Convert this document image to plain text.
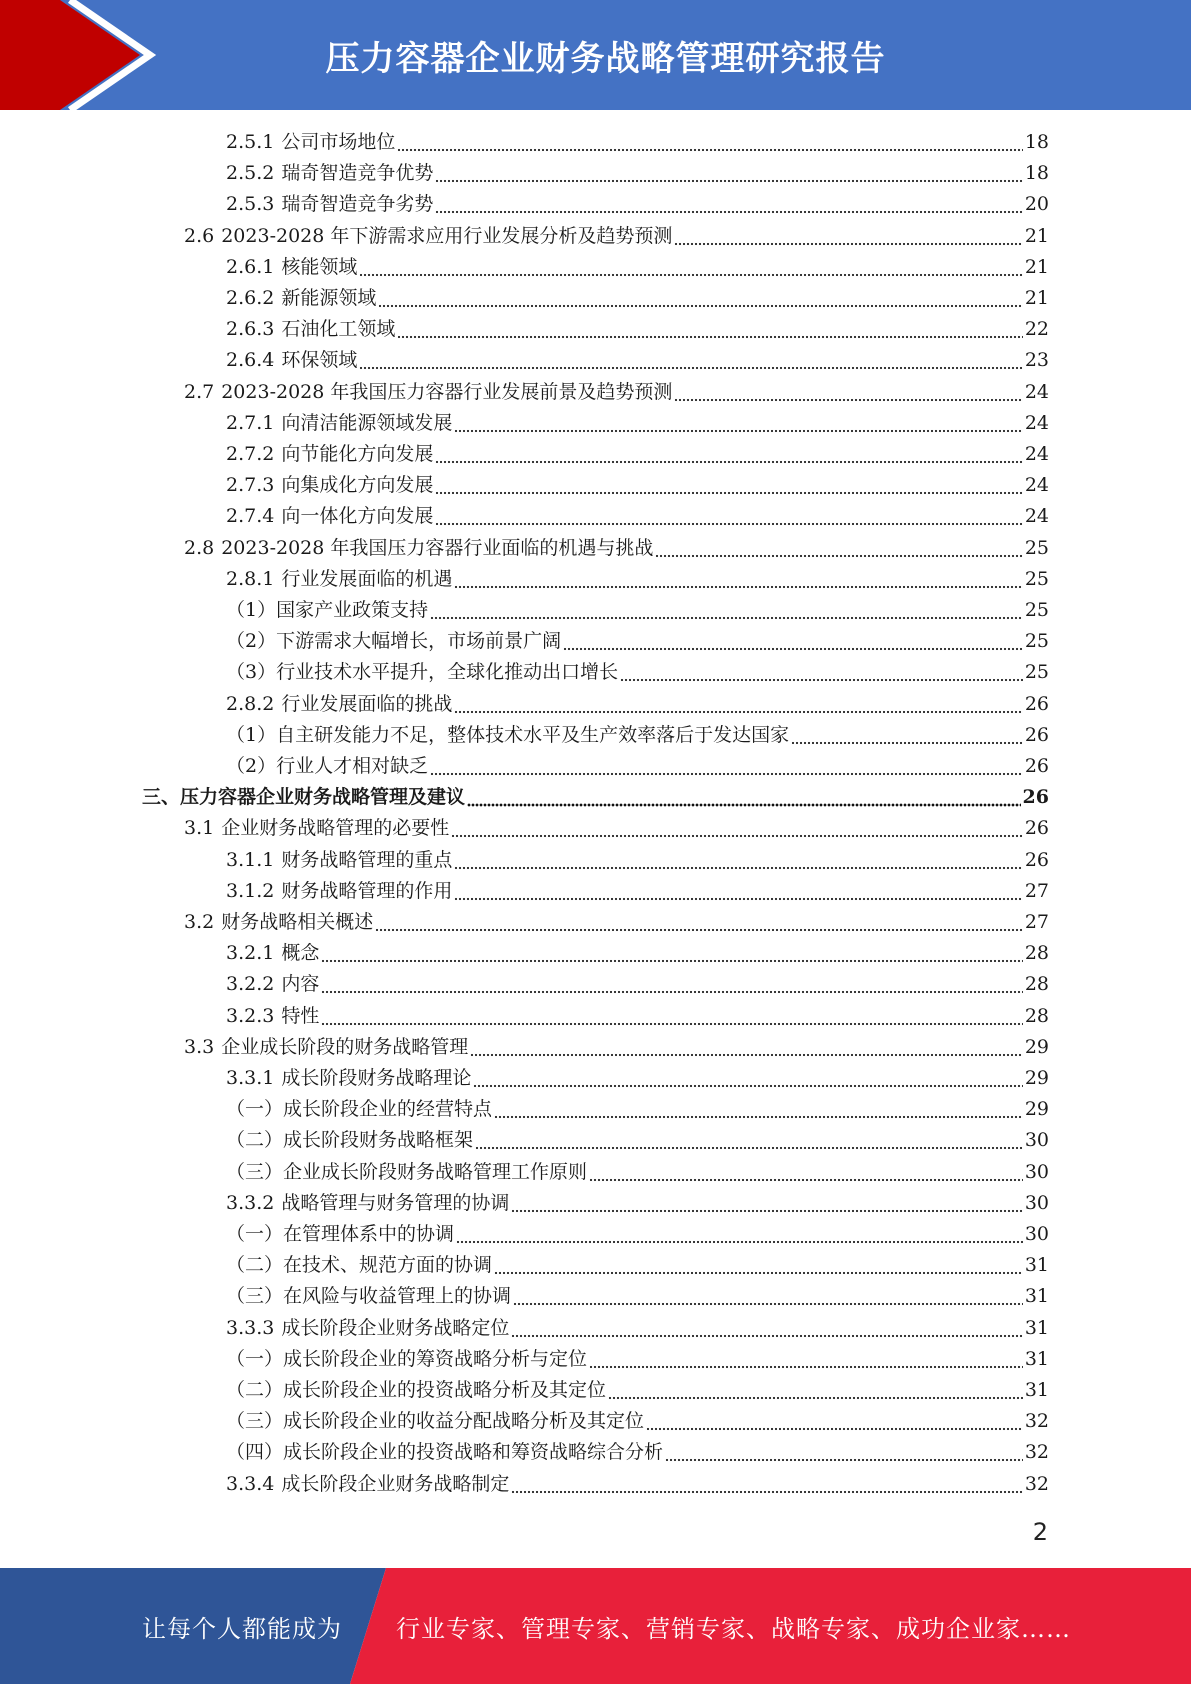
压力容器企业财务战略管理研究报告
2.5.1 公司市场地位	18
2.5.2 瑞奇智造竞争优势	18
2.5.3 瑞奇智造竞争劣势	20
2.6 2023-2028 年下游需求应用行业发展分析及趋势预测	21
2.6.1 核能领域	21
2.6.2 新能源领域	21
2.6.3 石油化工领域	22
2.6.4 环保领域	23
2.7 2023-2028 年我国压力容器行业发展前景及趋势预测	24
2.7.1 向清洁能源领域发展	24
2.7.2 向节能化方向发展	24
2.7.3 向集成化方向发展	24
2.7.4 向一体化方向发展	24
2.8 2023-2028 年我国压力容器行业面临的机遇与挑战	25
2.8.1 行业发展面临的机遇	25
（1）国家产业政策支持	25
（2）下游需求大幅增长，市场前景广阔	25
（3）行业技术水平提升，全球化推动出口增长	25
2.8.2 行业发展面临的挑战	26
（1）自主研发能力不足，整体技术水平及生产效率落后于发达国家	26
（2）行业人才相对缺乏	26
三、压力容器企业财务战略管理及建议	26
3.1 企业财务战略管理的必要性	26
3.1.1 财务战略管理的重点	26
3.1.2 财务战略管理的作用	27
3.2 财务战略相关概述	27
3.2.1 概念	28
3.2.2 内容	28
3.2.3 特性	28
3.3 企业成长阶段的财务战略管理	29
3.3.1 成长阶段财务战略理论	29
（一）成长阶段企业的经营特点	29
（二）成长阶段财务战略框架	30
（三）企业成长阶段财务战略管理工作原则	30
3.3.2 战略管理与财务管理的协调	30
（一）在管理体系中的协调	30
（二）在技术、规范方面的协调	31
（三）在风险与收益管理上的协调	31
3.3.3 成长阶段企业财务战略定位	31
（一）成长阶段企业的筹资战略分析与定位	31
（二）成长阶段企业的投资战略分析及其定位	31
（三）成长阶段企业的收益分配战略分析及其定位	32
（四）成长阶段企业的投资战略和筹资战略综合分析	32
3.3.4 成长阶段企业财务战略制定	32
2
让每个人都能成为 行业专家、管理专家、营销专家、战略专家、成功企业家……
